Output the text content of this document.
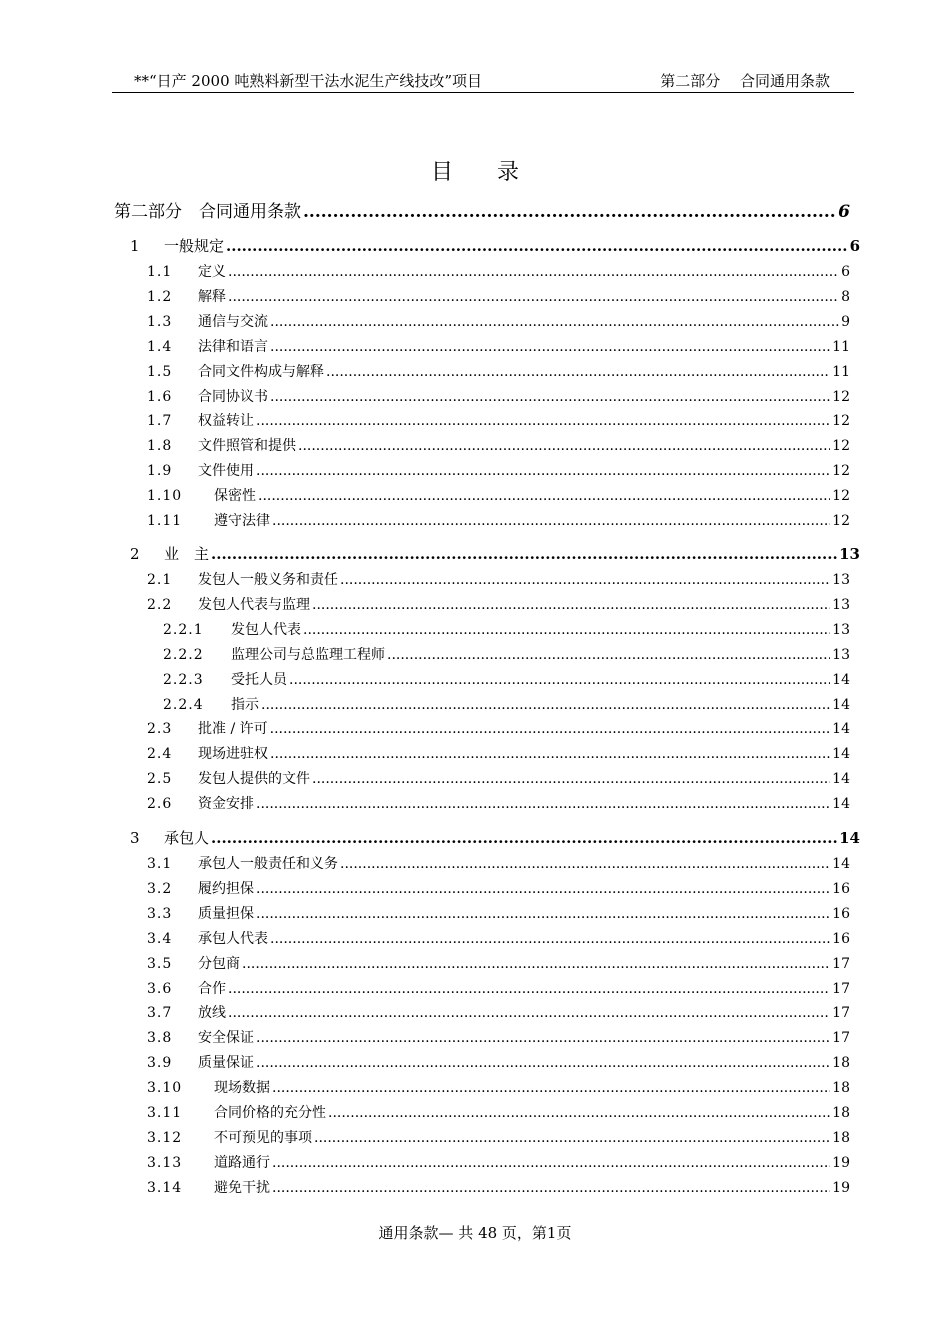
**“日产 2000 吨熟料新型干法水泥生产线技改”项目	第二部分　 合同通用条款
目录
第二部分　合同通用条款 .....	6
1	一般规定 .....	6
1.1	定义 .....	6
1.2	解释 .....	8
1.3	通信与交流 .....	9
1.4	法律和语言 .....	11
1.5	合同文件构成与解释 .....	11
1.6	合同协议书 .....	12
1.7	权益转让 .....	12
1.8	文件照管和提供 .....	12
1.9	文件使用 .....	12
1.10	保密性 .....	12
1.11	遵守法律 .....	12
2	业　主 .....	13
2.1	发包人一般义务和责任 .....	13
2.2	发包人代表与监理 .....	13
2.2.1	发包人代表 .....	13
2.2.2	监理公司与总监理工程师 .....	13
2.2.3	受托人员 .....	14
2.2.4	指示 .....	14
2.3	批准 / 许可 .....	14
2.4	现场进驻权 .....	14
2.5	发包人提供的文件 .....	14
2.6	资金安排 .....	14
3	承包人 .....	14
3.1	承包人一般责任和义务 .....	14
3.2	履约担保 .....	16
3.3	质量担保 .....	16
3.4	承包人代表 .....	16
3.5	分包商 .....	17
3.6	合作 .....	17
3.7	放线 .....	17
3.8	安全保证 .....	17
3.9	质量保证 .....	18
3.10	现场数据 .....	18
3.11	合同价格的充分性 .....	18
3.12	不可预见的事项 .....	18
3.13	道路通行 .....	19
3.14	避免干扰 .....	19
通用条款— 共 48 页，第1页
